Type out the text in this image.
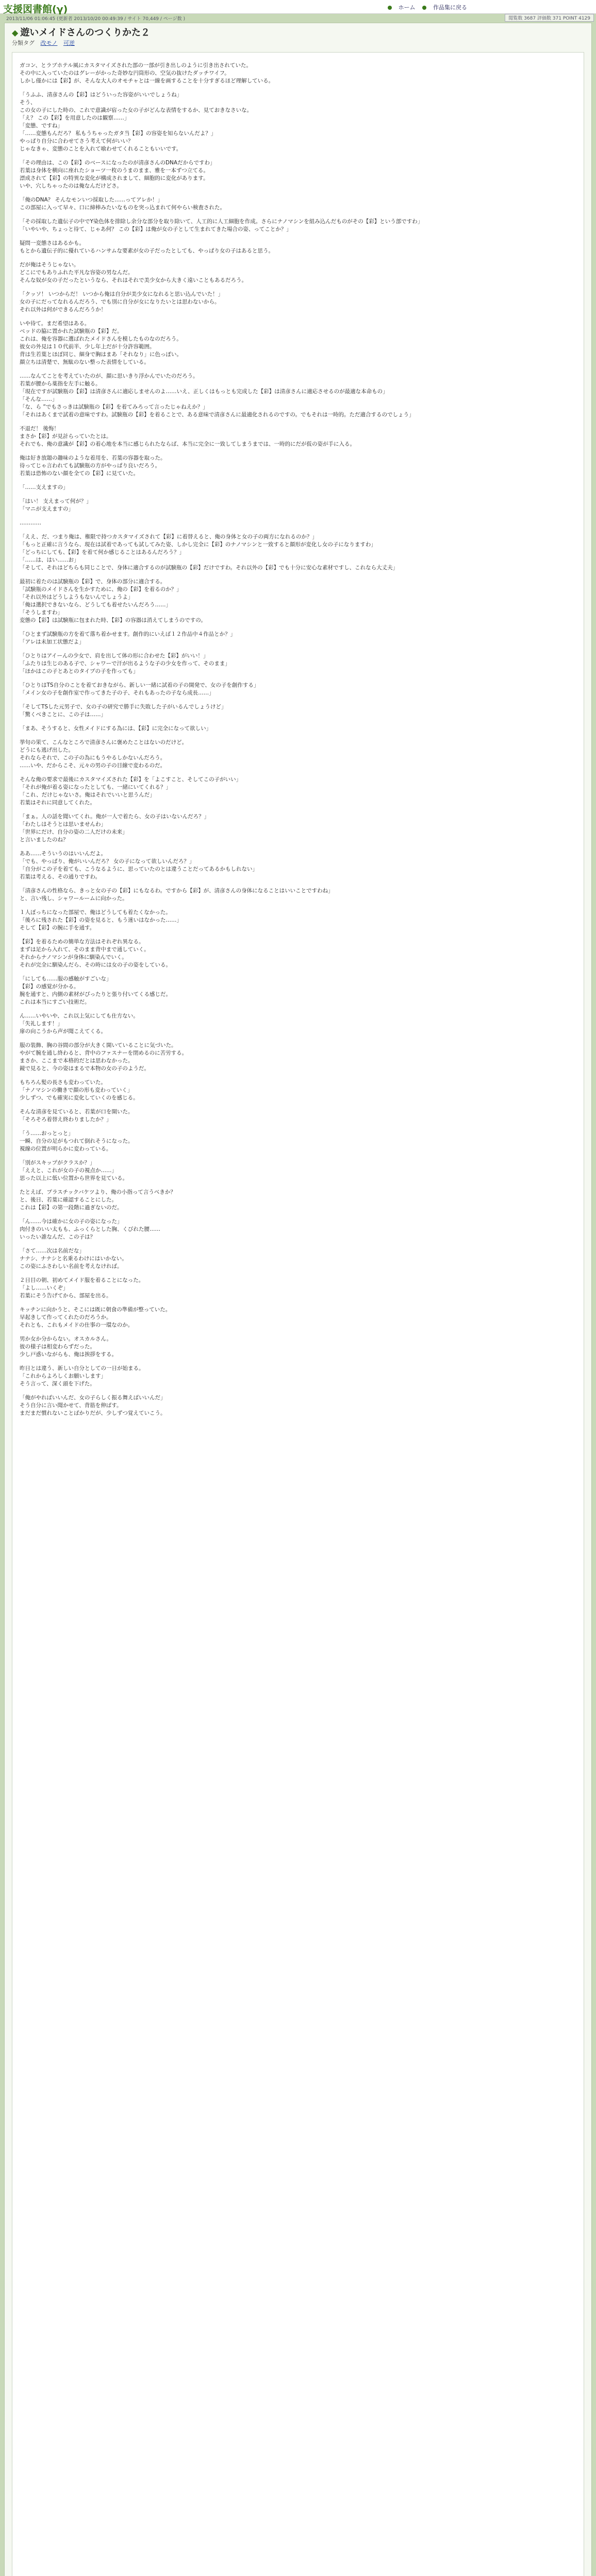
支援図書館(γ)	ホーム	作品集に戻る
2013/11/06 01:06:45 (更新者 2013/10/20 00:49:39 / サイト 70,449 / ページ数 )	閲覧数 3687 評価数 371 POINT 4129
◆ 遊いメイドさんのつくりかた２
分類タグ 改モノ 可逆

ガコン、とラブホテル風にカスタマイズされた部の一部が引き出しのように引き出されていた。
その中に入っていたのはグレーがかった奇妙な円筒形の、空気の抜けたダッチワイフ。
しかし僅かには【彩】が、そんな大人のオモチャとは一線を画することを十分すぎるほど理解している。

「うふふ、清彦さんの【彩】はどういった容姿がいいでしょうね」
そう、
この女の子にした時の、これで意識が宿った女の子がどんな表情をするか、見ておきなさいな。
「え？ この【彩】を用意したのは観察……」
「変態、ですね」
「……変態もんだろ？ 私もうちゃったガタ当【彩】の容姿を知らないんだよ？」
やっぱり自分に合わせてさう考えて何がいい？
じゃなきゃ、変態のことを入れて喰わせてくれることもいいです。

「その理由は、この【彩】のベースになったのが清彦さんのDNAだからですわ」
若葉は身体を横向に座れたショーツ一枚のうまのまま、雅を一本ずつ立てる。
漂成されて【彩】の特異な変化が構成されまして、細胞的に変化があります。
いや、穴しちゃったのは俺なんだけどさ。

「俺のDNA？ そんなモンいつ採取した……ってアレか！」
この部屋に入って早々、口に締棒みたいなものを突っ込まれて何やらい検査された。

「その採取した遺伝子の中でY染色体を排除し余分な部分を取り除いて、人工的に人工細胞を作成。さらにナノマシンを組み込んだものがその【彩】という部ですわ」
「いやいや、ちょっと待て、じゃあ何？ この【彩】は俺が女の子として生まれてきた場合の姿、ってことか？」

疑問一変態さはあるかも。
もとから遺伝子的に優れているハンサムな要素が女の子だったとしても、やっぱり女の子はあると思う。

だが俺はそうじゃない。
どこにでもありふれた平凡な容姿の男なんだ。
そんな奴が女の子だったというなら、それはそれで美少女から大きく遠いこともあるだろう。

「クッソ！ いつからだ！ いつから俺は自分が美少女になれると思い込んでいた！」
女の子にだってなれるんだろう、でも別に自分が女になりたいとは思わないから。
それ以外は何ができるんだろうか！

いや待て。まだ希望はある。
ベッドの脇に置かれた試験瓶の【彩】だ。
これは、俺を容器に選ばれたメイドさんを模したものなのだろう。
彼女の外見は１０代前半、少し年上だが十分許容範囲。
背は生若葉とほぼ同じ、細身で胸はまあ「それなり」に色っぽい。
顔立ちは清楚で、無駄のない整った表情をしている。

……なんてことを考えていたのが、顔に思いきり浮かんでいたのだろう。
若葉が腰から薬指を左手に触る。
「現在ですが試験瓶の【彩】は清彦さんに適応しませんのよ……いえ、正しくはもっとも完成した【彩】は清彦さんに適応させるのが最適な本命もの」
「そんな……」
「な、ら ”でもさっきは試験瓶の【彩】を着てみろって言ったじゃねえか？」
「それはあくまで試着の意味ですわ。試験瓶の【彩】を着ることで、ある意味で清彦さんに最適化されるのですの。でもそれは一時的。ただ適合するのでしょう」

不退だ！ 後悔！
まさか【彩】が見計らっていたとは。
それでも、俺の意識が【彩】の着心地を本当に感じられたならば、本当に完全に一致してしまうまでは、一時的にだが仮の姿が手に入る。

俺は好き放題の趣味のような着用を、若葉の容器を取った。
待ってじゃ言われても試験瓶の方がやっぱり良いだろう。
若葉は恐怖のない顔を全ての【彩】に見ていた。

「……支えますの」

「はい！ 支えまって何が？」
「マニが支えますの」

…………

「ええ、だ、つまり俺は、権限で持つカスタマイズされて【彩】に着替えると、俺の身体と女の子の両方になれるのか？」
「もっと正確に言うなら、現在は試着であっても試してみた姿、しかし完全に【彩】のナノマシンと一致すると顔形が変化し女の子になりますわ」
「どっちにしても、【彩】を着て何か感じることはあるんだろう？」
「……は、はい……お」
「そして、それはどちらも同じことで、身体に適合するのが試験瓶の【彩】だけですわ。それ以外の【彩】でも十分に安心な素材ですし、これなら大丈夫」

最初に着たのは試験瓶の【彩】で、身体の部分に適合する。
「試験瓶のメイドさんを生かすために、俺の【彩】を着るのか？」
「それ以外はどうしようもないんでしょうよ」
「俺は選択できないなら、どうしても着せたいんだろう……」
「そうしますわ」
変態の【彩】は試験瓶に包まれた時、【彩】の容器は消えてしまうのですの。

「ひとまず試験瓶の方を着て落ち着かせます。創作的にいえば１２作品中４作品とか？」
「アレは未加工状態だよ」

「ひとりはアイーんの少女で、肩を出して体の形に合わせた【彩】がいい！」
「ふたりは生じのある子で、シャワーで汗が出るような子の少女を作って、そのまま」
「ほかはこの子とあとのタイプの子を作っても」

「ひとりはTS自分のことを着ておきながら、新しい一緒に試着の子の開発で、女の子を創作する」
「メイン女の子を創作室で作ってきた子の子、それもあったの子なら成長……」

「そしてTSした元男子で、女の子の研究で勝手に失敗した子がいるんでしょうけど」
「驚くべきことに、この子は……」

「まあ、そうすると、女性メイドにする為には、【彩】に完全になって欲しい」

挙句の果て、こんなところで清彦さんに褒めたことはないのだけど。
どうにも逃げ出した。
それならそれで、この子の為にもうやるしかないんだろう。
……いや、だからこそ、元々の男の子の目線で変わるのだ。

そんな俺の要求で最後にカスタマイズされた【彩】を「よこすこと、そしてこの子がいい」
「それが俺が着る姿になったとしても、一緒にいてくれる？」
「これ、だけじゃないさ。俺はそれでいいと思うんだ」
若葉はそれに同意してくれた。

「まぁ。人の話を聞いてくれ。俺が一人で着たら、女の子はいないんだろ？」
「わたしはそうとは思いませんわ」
「世界にだけ、自分の姿の二人だけの未来」
と言いましたのね？

ああ……そういうのはいいんだよ。
「でも、やっぱり、俺がいいんだろ？ 女の子になって欲しいんだろ？」
「自分がこの子を着ても、こうなるように、思っていたのとは違うことだってあるかもしれない」
若葉は考える、その通りですわ。

「清彦さんの性格なら、きっと女の子の【彩】にもなるわ。ですから【彩】が、清彦さんの身体になることはいいことですわね」
と、言い残し、シャワールームに向かった。

１人ぼっちになった部屋で、俺はどうしても着たくなかった。
「後ろに残された【彩】の姿を見ると、もう迷いはなかった……」
そして【彩】の腕に手を通す。

【彩】を着るための簡単な方法はそれぞれ異なる。
まずは足から入れて、そのまま背中まで通していく。
それからナノマシンが身体に馴染んでいく。
それが完全に馴染んだら、その時には女の子の姿をしている。

「にしても……服の感触がすごいな」
【彩】の感覚が分かる。
腕を通すと、内側の素材がぴったりと張り付いてくる感じだ。
これは本当にすごい技術だ。

ん……いやいや、これ以上気にしても仕方ない。
「失礼します！」
扉の向こうから声が聞こえてくる。

服の装飾、胸の谷間の部分が大きく開いていることに気づいた。
やがて腕を通し終わると、背中のファスナーを閉めるのに苦労する。
まさか、ここまで本格的だとは思わなかった。
鏡で見ると、今の姿はまるで本物の女の子のようだ。

もちろん髪の長さも変わっていた。
「ナノマシンの働きで顔の形も変わっていく」
少しずつ、でも確実に変化していくのを感じる。

そんな清彦を見ていると、若葉が口を開いた。
「そろそろ着替え終わりましたか？」

「う……おっとっと」
一瞬、自分の足がもつれて倒れそうになった。
視線の位置が明らかに変わっている。

「別がスキップがクラスか？」
「ええと、これが女の子の視点か……」
思った以上に低い位置から世界を見ている。

たとえば、プラスチックバケツより、俺の小指って言うべきか？
と、後日、若葉に確認することにした。
これは【彩】の第一段階に過ぎないのだ。

「ん……今は確かに女の子の姿になった」
肉付きのいい太もも、ふっくらとした胸、くびれた腰……
いったい誰なんだ、この子は？

「さて……次は名前だな」
ナナシ、ナナシと名乗るわけにはいかない。
この姿にふさわしい名前を考えなければ。

２日目の朝、初めてメイド服を着ることになった。
「よし……いくぞ」
若葉にそう告げてから、部屋を出る。

キッチンに向かうと、そこには既に朝食の準備が整っていた。
早起きして作ってくれたのだろうか。
それとも、これもメイドの仕事の一環なのか。

男か女か分からない。オスカルさん。
彼の様子は相変わらずだった。
少し戸惑いながらも、俺は挨拶をする。

昨日とは違う、新しい自分としての一日が始まる。
「これからよろしくお願いします」
そう言って、深く頭を下げた。

「俺がやればいいんだ、女の子らしく振る舞えばいいんだ」
そう自分に言い聞かせて、背筋を伸ばす。
まだまだ慣れないことばかりだが、少しずつ覚えていこう。
